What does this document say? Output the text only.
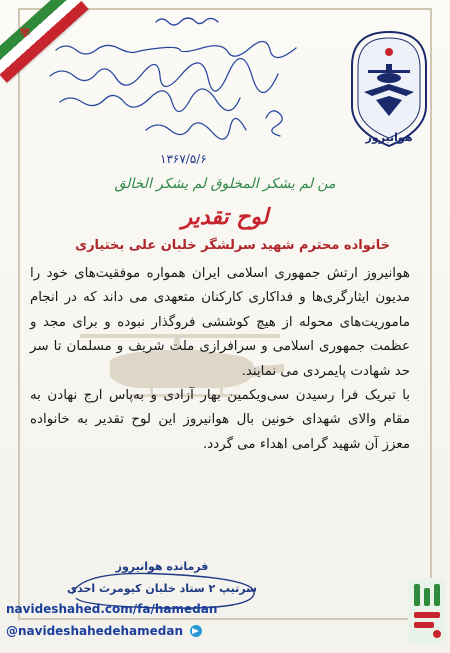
✾
۱۳۶۷/۵/۶
هوانیروز
من لم یشکر المخلوق لم یشکر الخالق
لوح تقدیر
خانواده محترم شهید سرلشگر خلبان علی بختیاری

هوانیروز ارتش جمهوری اسلامی ایران همواره موفقیت‌های خود را مدیون ایثارگری‌ها و فداکاری کارکنان متعهدی می داند که در انجام ماموریت‌های محوله از هیچ کوششی فروگذار نبوده و برای مجد و عظمت جمهوری اسلامی و سرافرازی ملت شریف و مسلمان تا سر حد شهادت پایمردی می نمایند.

با تبریک فرا رسیدن سی‌ویکمین بهار آزادی و به‌پاس ارج نهادن به مقام والای شهدای خونین بال هوانیروز این لوح تقدیر به خانواده معزز آن شهید گرامی اهداء می گردد.

فرمانده هوانیروز
سرتیپ ۲ ستاد خلبان کیومرث احدی
navideshahed.com/fa/hamedan
@navideshahedehamedan
